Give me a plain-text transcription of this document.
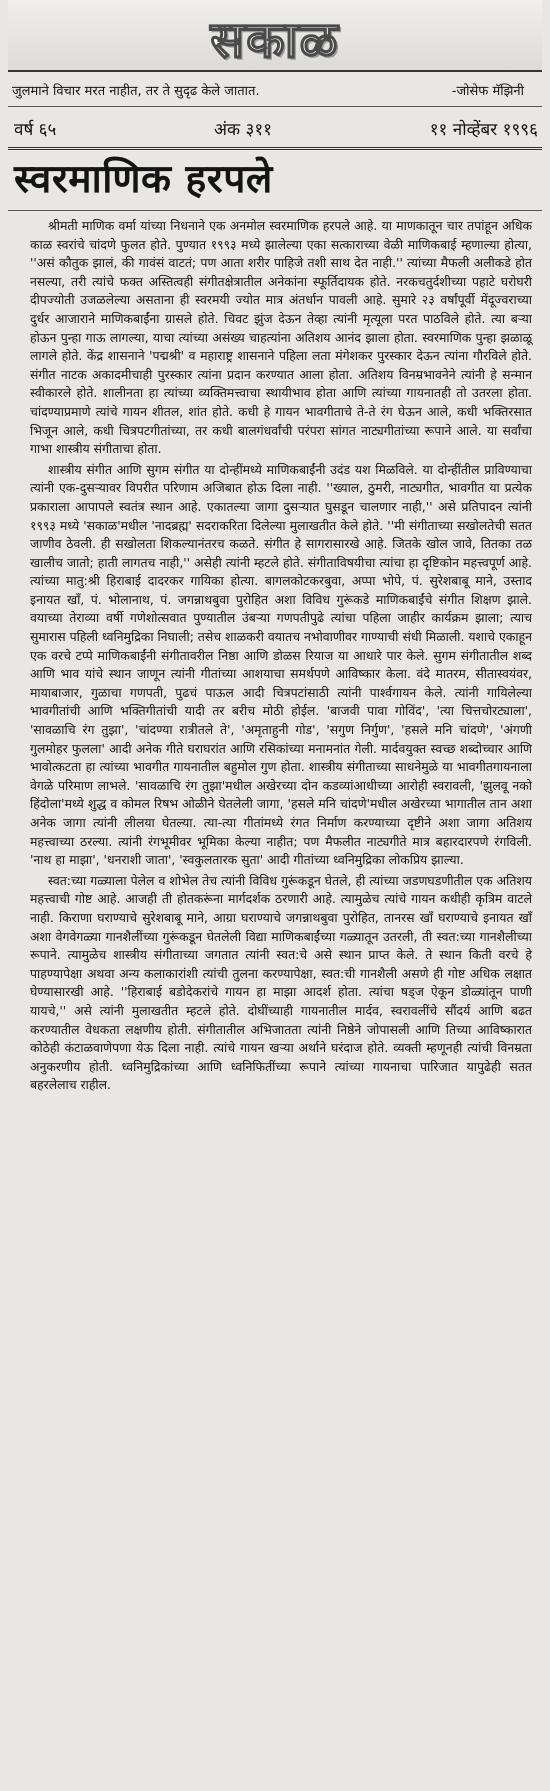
सकाळ
जुलमाने विचार मरत नाहीत, तर ते सुदृढ केले जातात.	-जोसेफ मॅझिनी
वर्ष ६५	अंक ३११	११ नोव्हेंबर १९९६
स्वरमाणिक हरपले

श्रीमती माणिक वर्मा यांच्या निधनाने एक अनमोल स्वरमाणिक हरपले आहे. या माणकातून चार तपांहून अधिक काळ स्वरांचे चांदणे फुलत होते. पुण्यात १९९३ मध्ये झालेल्या एका सत्काराच्या वेळी माणिकबाई म्हणाल्या होत्या, ''असं कौतुक झालं, की गावंसं वाटतं; पण आता शरीर पाहिजे तशी साथ देत नाही.'' त्यांच्या मैफली अलीकडे होत नसल्या, तरी त्यांचे फक्त अस्तित्वही संगीतक्षेत्रातील अनेकांना स्फूर्तिदायक होते. नरकचतुर्दशीच्या पहाटे घरोघरी दीपज्योती उजळलेल्या असताना ही स्वरमयी ज्योत मात्र अंतर्धान पावली आहे. सुमारे २३ वर्षांपूर्वी मेंदूज्वराच्या दुर्धर आजाराने माणिकबाईंना ग्रासले होते. चिवट झुंज देऊन तेव्हा त्यांनी मृत्यूला परत पाठविले होते. त्या बऱ्या होऊन पुन्हा गाऊ लागल्या, याचा त्यांच्या असंख्य चाहत्यांना अतिशय आनंद झाला होता. स्वरमाणिक पुन्हा झळाळू लागले होते. केंद्र शासनाने 'पद्मश्री' व महाराष्ट्र शासनाने पहिला लता मंगेशकर पुरस्कार देऊन त्यांना गौरविले होते. संगीत नाटक अकादमीचाही पुरस्कार त्यांना प्रदान करण्यात आला होता. अतिशय विनम्रभावनेने त्यांनी हे सन्मान स्वीकारले होते. शालीनता हा त्यांच्या व्यक्तिमत्त्वाचा स्थायीभाव होता आणि त्यांच्या गायनातही तो उतरला होता. चांदण्याप्रमाणे त्यांचे गायन शीतल, शांत होते. कधी हे गायन भावगीताचे ते-ते रंग घेऊन आले, कधी भक्तिरसात भिजून आले, कधी चित्रपटगीतांच्या, तर कधी बालगंधर्वांची परंपरा सांगत नाट्यगीतांच्या रूपाने आले. या सर्वांचा गाभा शास्त्रीय संगीताचा होता.

शास्त्रीय संगीत आणि सुगम संगीत या दोन्हींमध्ये माणिकबाईंनी उदंड यश मिळविले. या दोन्हींतील प्राविण्याचा त्यांनी एक-दुसऱ्यावर विपरीत परिणाम अजिबात होऊ दिला नाही. ''ख्याल, ठुमरी, नाट्यगीत, भावगीत या प्रत्येक प्रकाराला आपापले स्वतंत्र स्थान आहे. एकातल्या जागा दुसऱ्यात घुसडून चालणार नाही,'' असे प्रतिपादन त्यांनी १९९३ मध्ये 'सकाळ'मधील 'नादब्रह्म' सदराकरिता दिलेल्या मुलाखतीत केले होते. ''मी संगीताच्या सखोलतेची सतत जाणीव ठेवली. ही सखोलता शिकल्यानंतरच कळते. संगीत हे सागरासारखे आहे. जितके खोल जावे, तितका तळ खालीच जातो; हाती लागतच नाही,'' असेही त्यांनी म्हटले होते. संगीताविषयीचा त्यांचा हा दृष्टिकोन महत्त्वपूर्ण आहे. त्यांच्या मातु:श्री हिराबाई दादरकर गायिका होत्या. बागलकोटकरबुवा, अप्पा भोपे, पं. सुरेशबाबू माने, उस्ताद इनायत खाँ, पं. भोलानाथ, पं. जगन्नाथबुवा पुरोहित अशा विविध गुरूंकडे माणिकबाईंचे संगीत शिक्षण झाले. वयाच्या तेराव्या वर्षी गणेशोत्सवात पुण्यातील उंबऱ्या गणपतीपुढे त्यांचा पहिला जाहीर कार्यक्रम झाला; त्याच सुमारास पहिली ध्वनिमुद्रिका निघाली; तसेच शाळकरी वयातच नभोवाणीवर गाण्याची संधी मिळाली. यशाचे एकाहून एक वरचे टप्पे माणिकबाईंनी संगीतावरील निष्ठा आणि डोळस रियाज या आधारे पार केले. सुगम संगीतातील शब्द आणि भाव यांचे स्थान जाणून त्यांनी गीतांच्या आशयाचा समर्थपणे आविष्कार केला. वंदे मातरम, सीतास्वयंवर, मायाबाजार, गुळाचा गणपती, पुढचं पाऊल आदी चित्रपटांसाठी त्यांनी पार्श्वगायन केले. त्यांनी गायिलेल्या भावगीतांची आणि भक्तिगीतांची यादी तर बरीच मोठी होईल. 'बाजवी पावा गोविंद', 'त्या चित्तचोरट्याला', 'सावळाचि रंग तुझा', 'चांदण्या रात्रीतले ते', 'अमृताहुनी गोड', 'सगुण निर्गुण', 'हसले मनि चांदणे', 'अंगणी गुलमोहर फुलला' आदी अनेक गीते घराघरांत आणि रसिकांच्या मनामनांत गेली. मार्दवयुक्त स्वच्छ शब्दोच्चार आणि भावोत्कटता हा त्यांच्या भावगीत गायनातील बहुमोल गुण होता. शास्त्रीय संगीताच्या साधनेमुळे या भावगीतगायनाला वेगळे परिमाण लाभले. 'सावळाचि रंग तुझा'मधील अखेरच्या दोन कडव्यांआधीच्या आरोही स्वरावली, 'झुलवू नको हिंदोला'मध्ये शुद्ध व कोमल रिषभ ओळीने घेतलेली जागा, 'हसले मनि चांदणे'मधील अखेरच्या भागातील तान अशा अनेक जागा त्यांनी लीलया घेतल्या. त्या-त्या गीतांमध्ये रंगत निर्माण करण्याच्या दृष्टीने अशा जागा अतिशय महत्त्वाच्या ठरल्या. त्यांनी रंगभूमीवर भूमिका केल्या नाहीत; पण मैफलीत नाट्यगीते मात्र बहारदारपणे रंगविली. 'नाथ हा माझा', 'धनराशी जाता', 'स्वकुलतारक सुता' आदी गीतांच्या ध्वनिमुद्रिका लोकप्रिय झाल्या.

स्वत:च्या गळ्याला पेलेल व शोभेल तेच त्यांनी विविध गुरूंकडून घेतले, ही त्यांच्या जडणघडणीतील एक अतिशय महत्त्वाची गोष्ट आहे. आजही ती होतकरूंना मार्गदर्शक ठरणारी आहे. त्यामुळेच त्यांचे गायन कधीही कृत्रिम वाटले नाही. किराणा घराण्याचे सुरेशबाबू माने, आग्रा घराण्याचे जगन्नाथबुवा पुरोहित, तानरस खाँ घराण्याचे इनायत खाँ अशा वेगवेगळ्या गानशैलींच्या गुरूंकडून घेतलेली विद्या माणिकबाईंच्या गळ्यातून उतरली, ती स्वत:च्या गानशैलीच्या रूपाने. त्यामुळेच शास्त्रीय संगीताच्या जगतात त्यांनी स्वत:चे असे स्थान प्राप्त केले. ते स्थान किती वरचे हे पाहण्यापेक्षा अथवा अन्य कलाकारांशी त्यांची तुलना करण्यापेक्षा, स्वत:ची गानशैली असणे ही गोष्ट अधिक लक्षात घेण्यासारखी आहे. ''हिराबाई बडोदेकरांचे गायन हा माझा आदर्श होता. त्यांचा षड्ज ऐकून डोळ्यांतून पाणी यायचे,'' असे त्यांनी मुलाखतीत म्हटले होते. दोघींच्याही गायनातील मार्दव, स्वरावलींचे सौंदर्य आणि बढत करण्यातील वेधकता लक्षणीय होती. संगीतातील अभिजातता त्यांनी निष्ठेने जोपासली आणि तिच्या आविष्कारात कोठेही कंटाळवाणेपणा येऊ दिला नाही. त्यांचे गायन खऱ्या अर्थाने घरंदाज होते. व्यक्ती म्हणूनही त्यांची विनम्रता अनुकरणीय होती. ध्वनिमुद्रिकांच्या आणि ध्वनिफितींच्या रूपाने त्यांच्या गायनाचा पारिजात यापुढेही सतत बहरलेलाच राहील.
